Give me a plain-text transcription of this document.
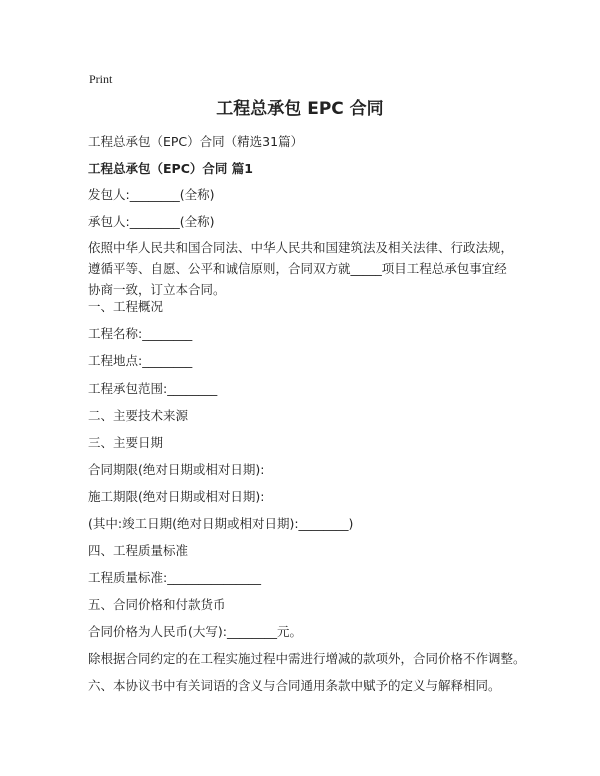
Print

工程总承包 EPC 合同

工程总承包（EPC）合同（精选31篇）

工程总承包（EPC）合同 篇1

发包人:________(全称)

承包人:________(全称)

依照中华人民共和国合同法、中华人民共和国建筑法及相关法律、行政法规，遵循平等、自愿、公平和诚信原则，合同双方就_____项目工程总承包事宜经协商一致，订立本合同。

一、工程概况

工程名称:________

工程地点:________

工程承包范围:________

二、主要技术来源

三、主要日期

合同期限(绝对日期或相对日期):

施工期限(绝对日期或相对日期):

(其中:竣工日期(绝对日期或相对日期):________)

四、工程质量标准

工程质量标准:_______________

五、合同价格和付款货币

合同价格为人民币(大写):________元。

除根据合同约定的在工程实施过程中需进行增减的款项外，合同价格不作调整。

六、本协议书中有关词语的含义与合同通用条款中赋予的定义与解释相同。
